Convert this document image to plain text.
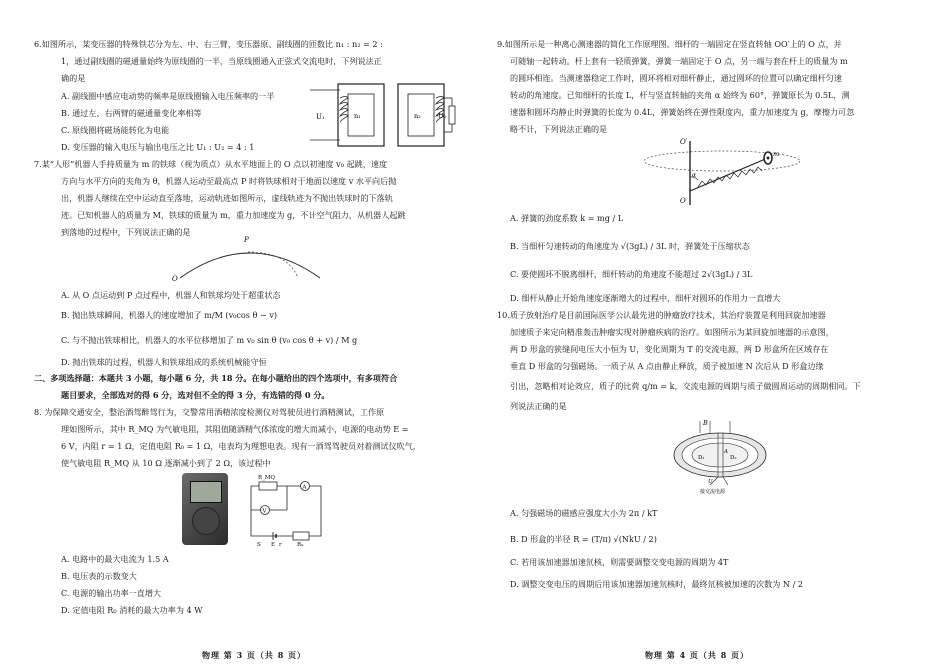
6.如图所示，某变压器的特殊铁芯分为左、中、右三臂，变压器原、副线圈的匝数比 n₁ : n₂ = 2 :
1，通过副线圈的磁通量始终为原线圈的一半，当原线圈通入正弦式交流电时，下列说法正
确的是
A. 副线圈中感应电动势的频率是原线圈输入电压频率的一半
B. 通过左、右两臂的磁通量变化率相等
C. 原线圈将磁场能转化为电能
D. 变压器的输入电压与输出电压之比 U₁ : U₂ = 4 : 1
U₁	n₁	n₂	U₂
7.某“人形”机器人手持质量为 m 的铁球（视为质点）从水平地面上的 O 点以初速度 v₀ 起跳，速度
方向与水平方向的夹角为 θ，机器人运动至最高点 P 时将铁球相对于地面以速度 v 水平向后抛
出，机器人继续在空中运动直至落地，运动轨迹如图所示，虚线轨迹为不抛出铁球时的下落轨
迹。已知机器人的质量为 M，铁球的质量为 m，重力加速度为 g，不计空气阻力，从机器人起跳
到落地的过程中，下列说法正确的是
P
O
A. 从 O 点运动到 P 点过程中，机器人和铁球均处于超重状态
B. 抛出铁球瞬间，机器人的速度增加了 m/M (v₀cos θ − v)
C. 与不抛出铁球相比，机器人的水平位移增加了 m v₀ sin θ (v₀ cos θ + v) / M g
D. 抛出铁球的过程，机器人和铁球组成的系统机械能守恒
二、多项选择题：本题共 3 小题，每小题 6 分，共 18 分。在每小题给出的四个选项中，有多项符合
题目要求，全部选对的得 6 分，选对但不全的得 3 分，有选错的得 0 分。
8. 为保障交通安全，整治酒驾醉驾行为，交警常用酒精浓度检测仪对驾驶员进行酒精测试，工作原
理如图所示，其中 R_MQ 为气敏电阻，其阻值随酒精气体浓度的增大而减小，电源的电动势 E =
6 V，内阻 r = 1 Ω，定值电阻 R₀ = 1 Ω，电表均为理想电表。现有一酒驾驾驶员对着测试仪吹气，
使气敏电阻 R_MQ 从 10 Ω 逐渐减小到了 2 Ω，该过程中
R_MQ
A
V
S E r	R₀
A. 电路中的最大电流为 1.5 A
B. 电压表的示数变大
C. 电源的输出功率一直增大
D. 定值电阻 R₀ 消耗的最大功率为 4 W
物理 第 3 页（共 8 页）
9.如图所示是一种离心测速器的简化工作原理图。细杆的一端固定在竖直转轴 OO′上的 O 点，并
可随轴一起转动。杆上套有一轻质弹簧，弹簧一端固定于 O 点，另一端与套在杆上的质量为 m
的圆环相连。当测速器稳定工作时，圆环将相对细杆静止，通过圆环的位置可以确定细杆匀速
转动的角速度。已知细杆的长度 L，杆与竖直转轴的夹角 α 始终为 60°，弹簧原长为 0.5L，测
速器和圆环均静止时弹簧的长度为 0.4L，弹簧始终在弹性限度内，重力加速度为 g，摩擦力可忽
略不计，下列说法正确的是
O′
O
m
α
A. 弹簧的劲度系数 k = mg / L
B. 当细杆匀速转动的角速度为 √(3gL) / 3L 时，弹簧处于压缩状态
C. 要使圆环不脱离细杆，细杆转动的角速度不能超过 2√(3gL) / 3L
D. 细杆从静止开始角速度逐渐增大的过程中，细杆对圆环的作用力一直增大
10.质子放射治疗是目前国际医学公认最先进的肿瘤放疗技术，其治疗装置是利用回旋加速器
加速质子来定向精准轰击肿瘤实现对肿瘤疾病的治疗。如图所示为某回旋加速器的示意图，
两 D 形盒的狭缝间电压大小恒为 U，变化周期为 T 的交流电源，两 D 形盒所在区域存在
垂直 D 形盒的匀强磁场。一质子从 A 点由静止释放，质子被加速 N 次后从 D 形盒边缘
引出，忽略相对论效应，质子的比荷 q/m = k，交流电源的周期与质子做圆周运动的周期相同。下
列说法正确的是
B
A
D₁	D₂
U
接交流电源
A. 匀强磁场的磁感应强度大小为 2π / kT
B. D 形盒的半径 R = (T/π) √(NkU / 2)
C. 若用该加速器加速氘核，则需要调整交变电源的周期为 4T
D. 调整交变电压的周期后用该加速器加速氘核时，最终氘核被加速的次数为 N / 2
物理 第 4 页（共 8 页）
